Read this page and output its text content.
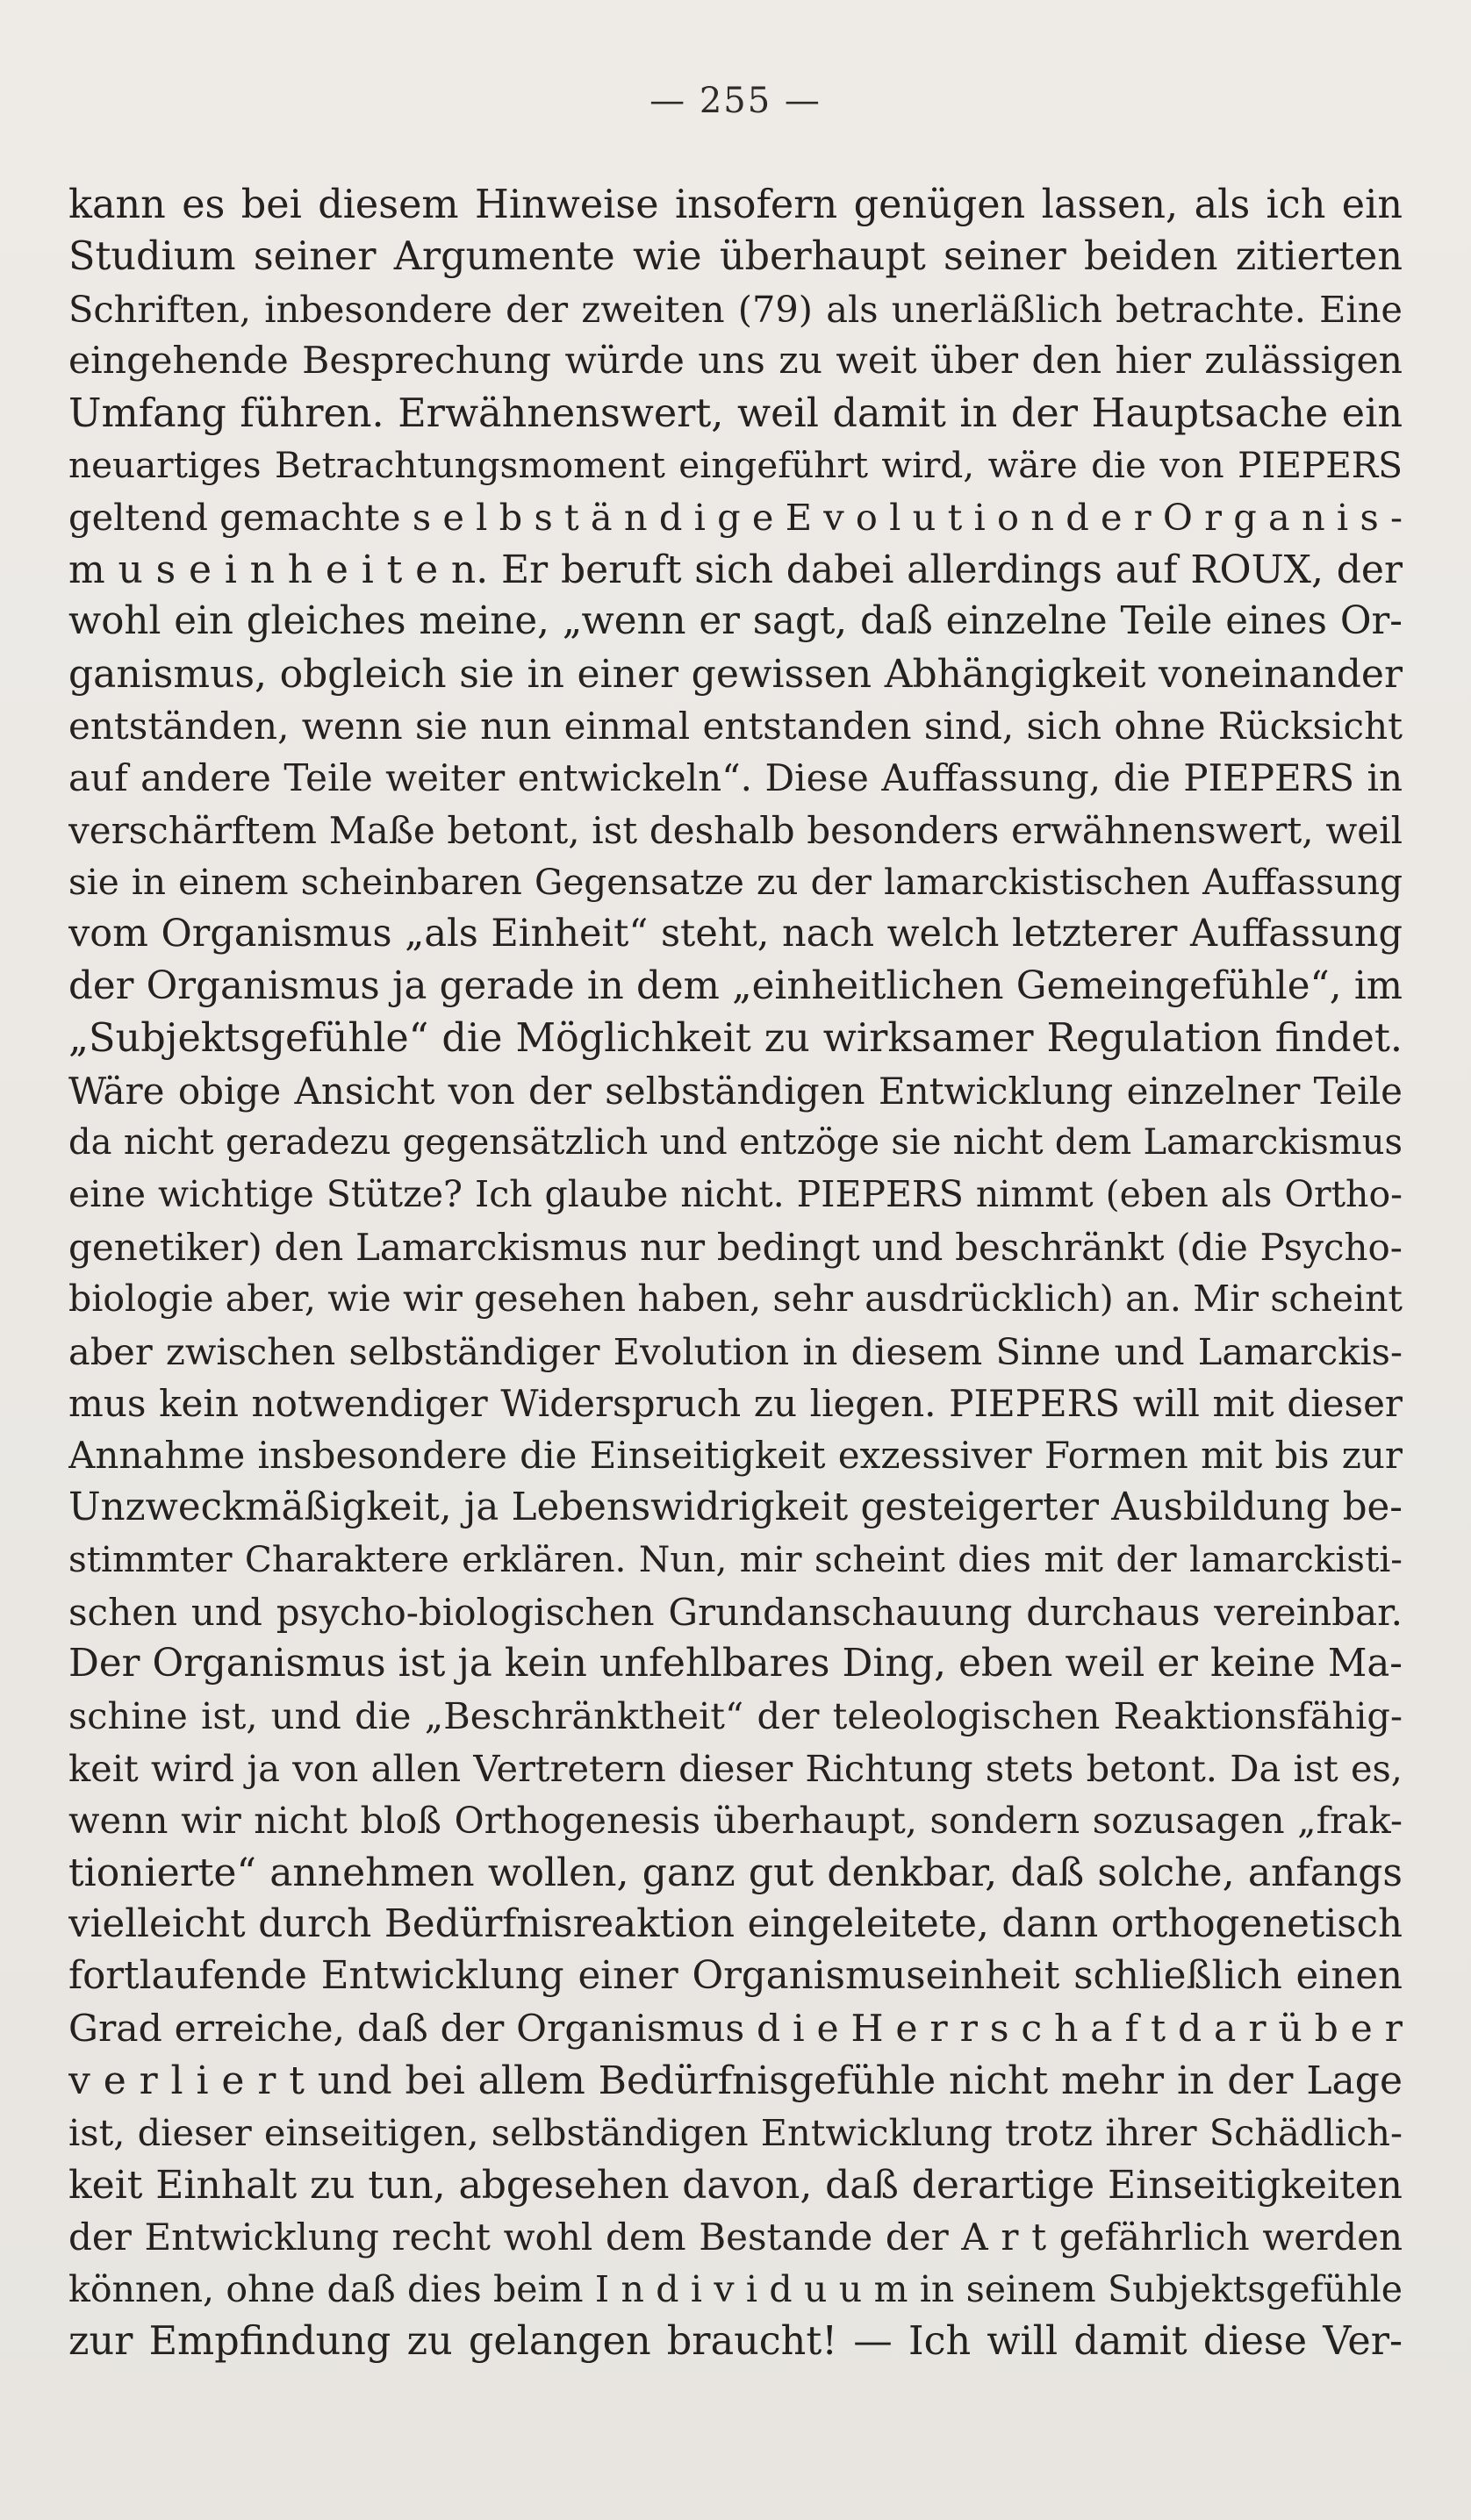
— 255 —
kann es bei diesem Hinweise insofern genügen lassen, als ich ein
Studium seiner Argumente wie überhaupt seiner beiden zitierten
Schriften, inbesondere der zweiten (79) als unerläßlich betrachte. Eine
eingehende Besprechung würde uns zu weit über den hier zulässigen
Umfang führen. Erwähnenswert, weil damit in der Hauptsache ein
neuartiges Betrachtungsmoment eingeführt wird, wäre die von PIEPERS
geltend gemachte s e l b s t ä n d i g e E v o l u t i o n d e r O r g a n i s -
m u s e i n h e i t e n. Er beruft sich dabei allerdings auf ROUX, der
wohl ein gleiches meine, „wenn er sagt, daß einzelne Teile eines Or-
ganismus, obgleich sie in einer gewissen Abhängigkeit voneinander
entständen, wenn sie nun einmal entstanden sind, sich ohne Rücksicht
auf andere Teile weiter entwickeln“. Diese Auffassung, die PIEPERS in
verschärftem Maße betont, ist deshalb besonders erwähnenswert, weil
sie in einem scheinbaren Gegensatze zu der lamarckistischen Auffassung
vom Organismus „als Einheit“ steht, nach welch letzterer Auffassung
der Organismus ja gerade in dem „einheitlichen Gemeingefühle“, im
„Subjektsgefühle“ die Möglichkeit zu wirksamer Regulation findet.
Wäre obige Ansicht von der selbständigen Entwicklung einzelner Teile
da nicht geradezu gegensätzlich und entzöge sie nicht dem Lamarckismus
eine wichtige Stütze? Ich glaube nicht. PIEPERS nimmt (eben als Ortho-
genetiker) den Lamarckismus nur bedingt und beschränkt (die Psycho-
biologie aber, wie wir gesehen haben, sehr ausdrücklich) an. Mir scheint
aber zwischen selbständiger Evolution in diesem Sinne und Lamarckis-
mus kein notwendiger Widerspruch zu liegen. PIEPERS will mit dieser
Annahme insbesondere die Einseitigkeit exzessiver Formen mit bis zur
Unzweckmäßigkeit, ja Lebenswidrigkeit gesteigerter Ausbildung be-
stimmter Charaktere erklären. Nun, mir scheint dies mit der lamarckisti-
schen und psycho-biologischen Grundanschauung durchaus vereinbar.
Der Organismus ist ja kein unfehlbares Ding, eben weil er keine Ma-
schine ist, und die „Beschränktheit“ der teleologischen Reaktionsfähig-
keit wird ja von allen Vertretern dieser Richtung stets betont. Da ist es,
wenn wir nicht bloß Orthogenesis überhaupt, sondern sozusagen „frak-
tionierte“ annehmen wollen, ganz gut denkbar, daß solche, anfangs
vielleicht durch Bedürfnisreaktion eingeleitete, dann orthogenetisch
fortlaufende Entwicklung einer Organismuseinheit schließlich einen
Grad erreiche, daß der Organismus d i e H e r r s c h a f t d a r ü b e r
v e r l i e r t und bei allem Bedürfnisgefühle nicht mehr in der Lage
ist, dieser einseitigen, selbständigen Entwicklung trotz ihrer Schädlich-
keit Einhalt zu tun, abgesehen davon, daß derartige Einseitigkeiten
der Entwicklung recht wohl dem Bestande der A r t gefährlich werden
können, ohne daß dies beim I n d i v i d u u m in seinem Subjektsgefühle
zur Empfindung zu gelangen braucht! — Ich will damit diese Ver-
